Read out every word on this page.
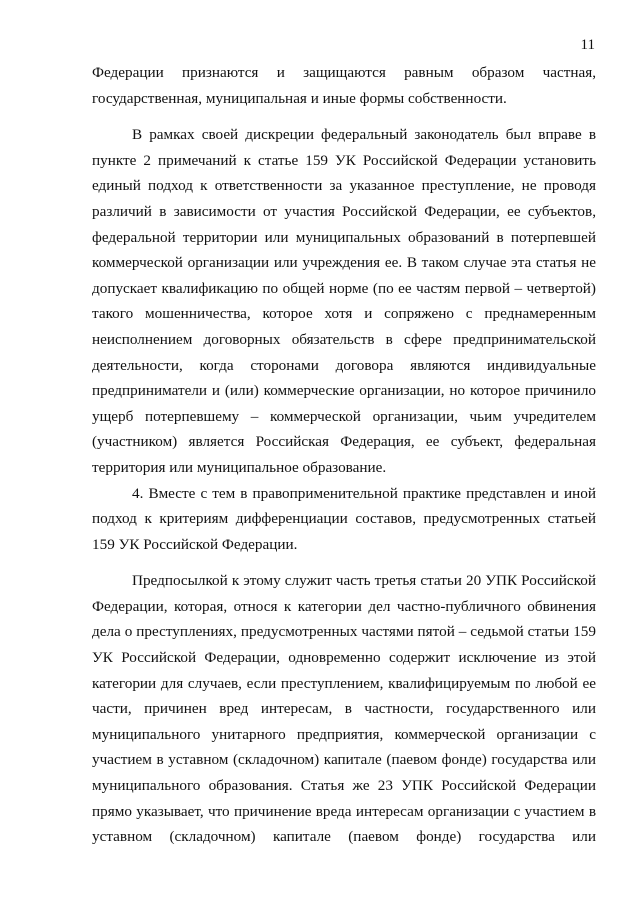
11
Федерации признаются и защищаются равным образом частная,
государственная, муниципальная и иные формы собственности.
В рамках своей дискреции федеральный законодатель был вправе в
пункте 2 примечаний к статье 159 УК Российской Федерации установить
единый подход к ответственности за указанное преступление, не проводя
различий в зависимости от участия Российской Федерации, ее субъектов,
федеральной территории или муниципальных образований в потерпевшей
коммерческой организации или учреждения ее. В таком случае эта статья не
допускает квалификацию по общей норме (по ее частям первой – четвертой)
такого мошенничества, которое хотя и сопряжено с преднамеренным
неисполнением договорных обязательств в сфере предпринимательской
деятельности, когда сторонами договора являются индивидуальные
предприниматели и (или) коммерческие организации, но которое причинило
ущерб потерпевшему – коммерческой организации, чьим учредителем
(участником) является Российская Федерация, ее субъект, федеральная
территория или муниципальное образование.
4. Вместе с тем в правоприменительной практике представлен и иной
подход к критериям дифференциации составов, предусмотренных статьей
159 УК Российской Федерации.
Предпосылкой к этому служит часть третья статьи 20 УПК Российской
Федерации, которая, относя к категории дел частно-публичного обвинения
дела о преступлениях, предусмотренных частями пятой – седьмой статьи 159
УК Российской Федерации, одновременно содержит исключение из этой
категории для случаев, если преступлением, квалифицируемым по любой ее
части, причинен вред интересам, в частности, государственного или
муниципального унитарного предприятия, коммерческой организации с
участием в уставном (складочном) капитале (паевом фонде) государства или
муниципального образования. Статья же 23 УПК Российской Федерации
прямо указывает, что причинение вреда интересам организации с участием в
уставном (складочном) капитале (паевом фонде) государства или
